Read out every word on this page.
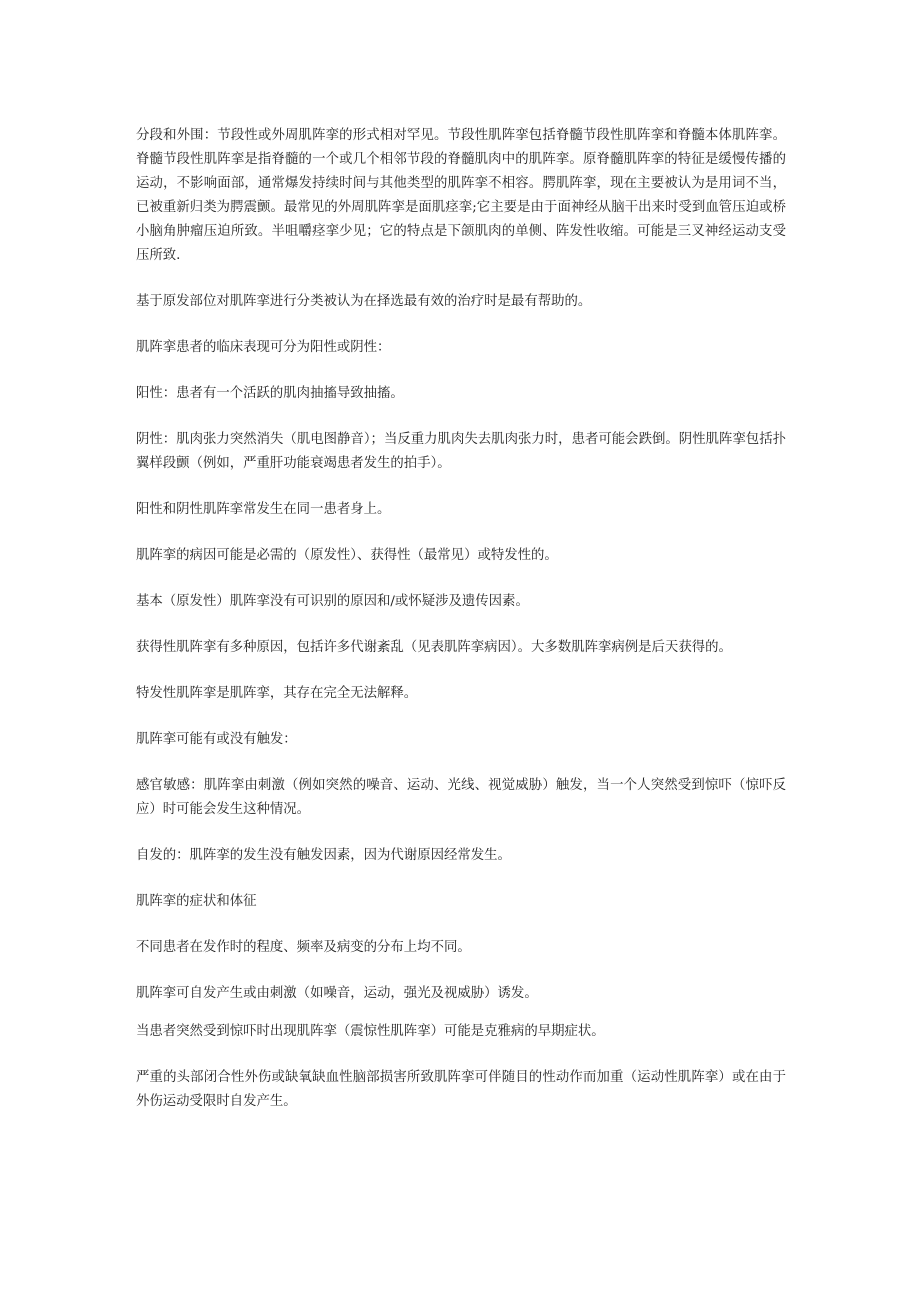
分段和外围：节段性或外周肌阵挛的形式相对罕见。节段性肌阵挛包括脊髓节段性肌阵挛和脊髓本体肌阵挛。脊髓节段性肌阵挛是指脊髓的一个或几个相邻节段的脊髓肌肉中的肌阵挛。原脊髓肌阵挛的特征是缓慢传播的运动，不影响面部，通常爆发持续时间与其他类型的肌阵挛不相容。腭肌阵挛，现在主要被认为是用词不当，已被重新归类为腭震颤。最常见的外周肌阵挛是面肌痉挛;它主要是由于面神经从脑干出来时受到血管压迫或桥小脑角肿瘤压迫所致。半咀嚼痉挛少见；它的特点是下颌肌肉的单侧、阵发性收缩。可能是三叉神经运动支受压所致.

基于原发部位对肌阵挛进行分类被认为在择选最有效的治疗时是最有帮助的。

肌阵挛患者的临床表现可分为阳性或阴性：

阳性：患者有一个活跃的肌肉抽搐导致抽搐。

阴性：肌肉张力突然消失（肌电图静音）；当反重力肌肉失去肌肉张力时，患者可能会跌倒。阴性肌阵挛包括扑翼样段颤（例如，严重肝功能衰竭患者发生的拍手）。

阳性和阴性肌阵挛常发生在同一患者身上。

肌阵挛的病因可能是必需的（原发性）、获得性（最常见）或特发性的。

基本（原发性）肌阵挛没有可识别的原因和/或怀疑涉及遗传因素。

获得性肌阵挛有多种原因，包括许多代谢紊乱（见表肌阵挛病因）。大多数肌阵挛病例是后天获得的。

特发性肌阵挛是肌阵挛，其存在完全无法解释。

肌阵挛可能有或没有触发：

感官敏感：肌阵挛由刺激（例如突然的噪音、运动、光线、视觉威胁）触发，当一个人突然受到惊吓（惊吓反应）时可能会发生这种情况。

自发的：肌阵挛的发生没有触发因素，因为代谢原因经常发生。

肌阵挛的症状和体征

不同患者在发作时的程度、频率及病变的分布上均不同。

肌阵挛可自发产生或由刺激（如噪音，运动，强光及视威胁）诱发。

当患者突然受到惊吓时出现肌阵挛（震惊性肌阵挛）可能是克雅病的早期症状。

严重的头部闭合性外伤或缺氧缺血性脑部损害所致肌阵挛可伴随目的性动作而加重（运动性肌阵挛）或在由于外伤运动受限时自发产生。
